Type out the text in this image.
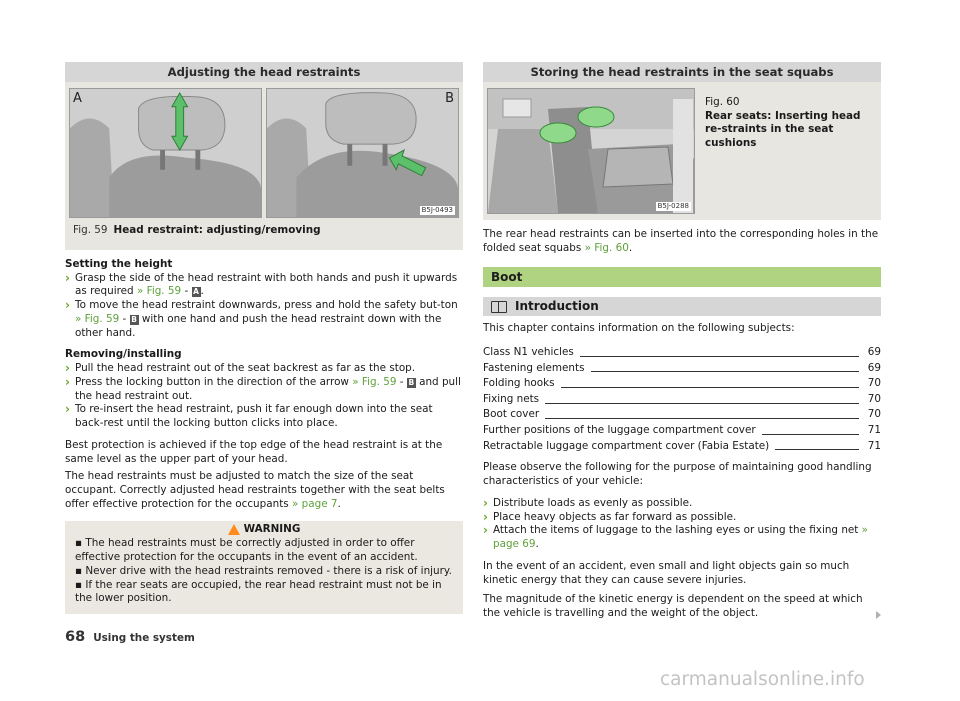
Adjusting the head restraints
A	B
B5J-0493
Fig. 59 Head restraint: adjusting/removing

Setting the height

› Grasp the side of the head restraint with both hands and push it upwards as required » Fig. 59 - A .
› To move the head restraint downwards, press and hold the safety but-ton » Fig. 59 - B with one hand and push the head restraint down with the other hand.

Removing/installing

› Pull the head restraint out of the seat backrest as far as the stop.
› Press the locking button in the direction of the arrow » Fig. 59 - B and pull the head restraint out.
› To re-insert the head restraint, push it far enough down into the seat back-rest until the locking button clicks into place.

Best protection is achieved if the top edge of the head restraint is at the same level as the upper part of your head.

The head restraints must be adjusted to match the size of the seat occupant. Correctly adjusted head restraints together with the seat belts offer effective protection for the occupants » page 7.

WARNING

▪ The head restraints must be correctly adjusted in order to offer effective protection for the occupants in the event of an accident.

▪ Never drive with the head restraints removed - there is a risk of injury.

▪ If the rear seats are occupied, the rear head restraint must not be in the lower position.

Storing the head restraints in the seat squabs
B5J-0288
Fig. 60
Rear seats: Inserting head re-straints in the seat cushions

The rear head restraints can be inserted into the corresponding holes in the folded seat squabs » Fig. 60.

Boot
Introduction

This chapter contains information on the following subjects:

Class N1 vehicles	69
Fastening elements	69
Folding hooks	70
Fixing nets	70
Boot cover	70
Further positions of the luggage compartment cover	71
Retractable luggage compartment cover (Fabia Estate)	71

Please observe the following for the purpose of maintaining good handling characteristics of your vehicle:

› Distribute loads as evenly as possible.
› Place heavy objects as far forward as possible.
› Attach the items of luggage to the lashing eyes or using the fixing net » page 69.

In the event of an accident, even small and light objects gain so much kinetic energy that they can cause severe injuries.

The magnitude of the kinetic energy is dependent on the speed at which the vehicle is travelling and the weight of the object.

68 Using the system
carmanualsonline.info
